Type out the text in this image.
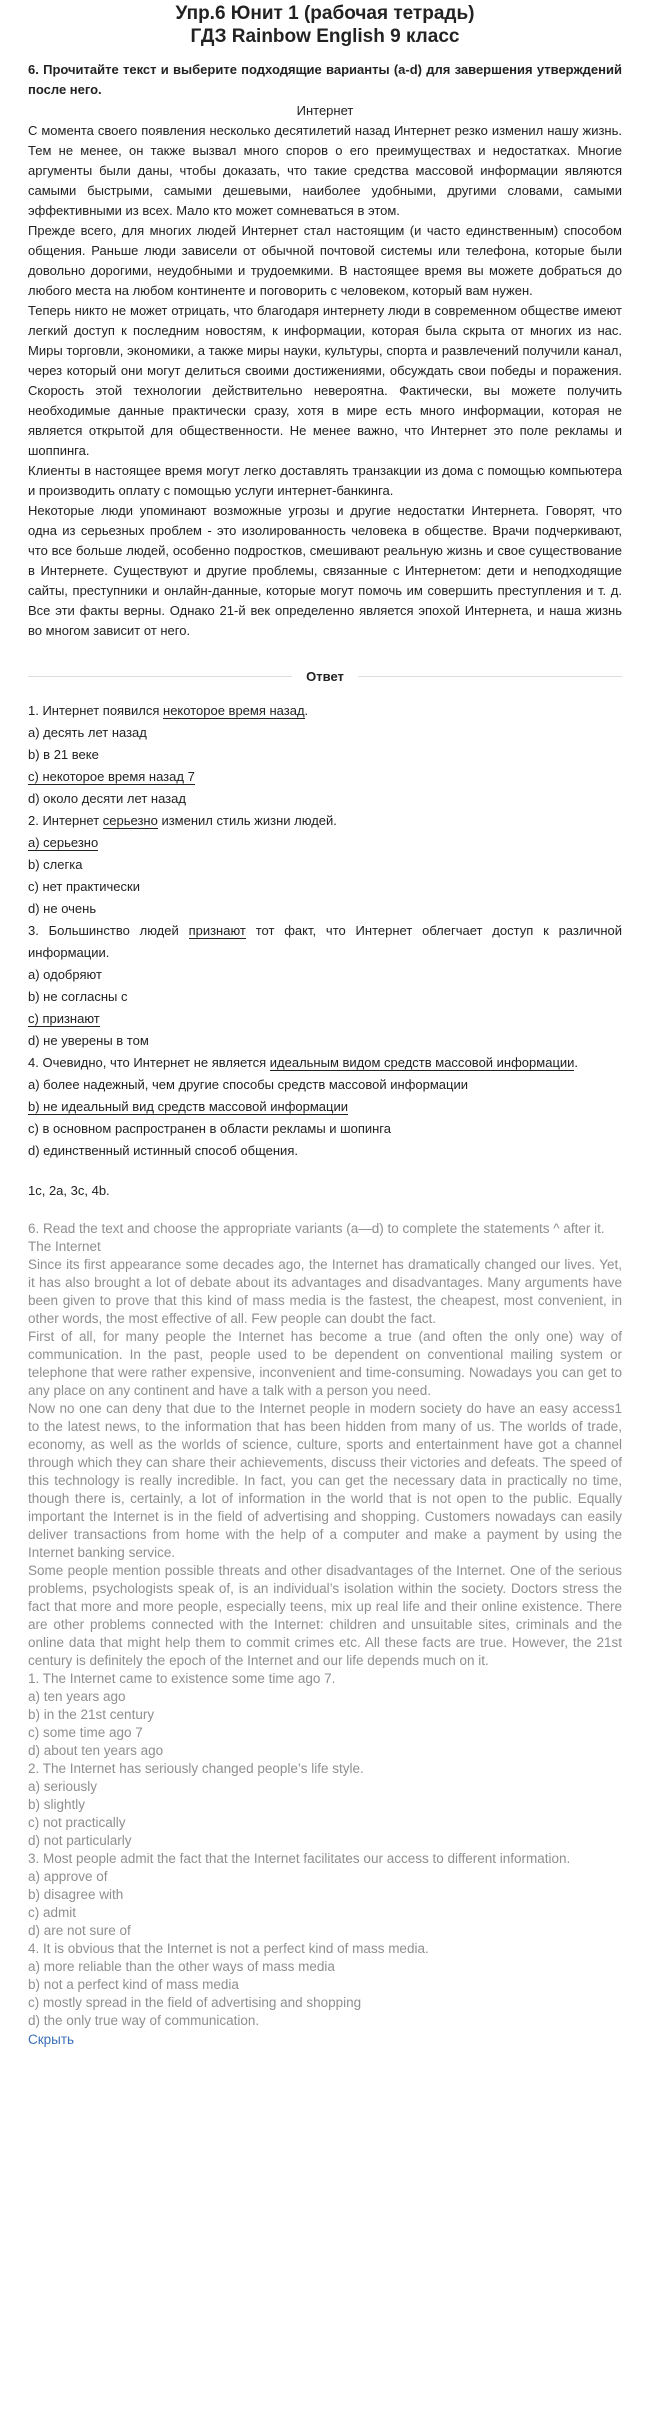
Упр.6 Юнит 1 (рабочая тетрадь)
ГДЗ Rainbow English 9 класс
6. Прочитайте текст и выберите подходящие варианты (a-d) для завершения утверждений после него.
Интернет

С момента своего появления несколько десятилетий назад Интернет резко изменил нашу жизнь. Тем не менее, он также вызвал много споров о его преимуществах и недостатках. Многие аргументы были даны, чтобы доказать, что такие средства массовой информации являются самыми быстрыми, самыми дешевыми, наиболее удобными, другими словами, самыми эффективными из всех. Мало кто может сомневаться в этом.

Прежде всего, для многих людей Интернет стал настоящим (и часто единственным) способом общения. Раньше люди зависели от обычной почтовой системы или телефона, которые были довольно дорогими, неудобными и трудоемкими. В настоящее время вы можете добраться до любого места на любом континенте и поговорить с человеком, который вам нужен.

Теперь никто не может отрицать, что благодаря интернету люди в современном обществе имеют легкий доступ к последним новостям, к информации, которая была скрыта от многих из нас. Миры торговли, экономики, а также миры науки, культуры, спорта и развлечений получили канал, через который они могут делиться своими достижениями, обсуждать свои победы и поражения. Скорость этой технологии действительно невероятна. Фактически, вы можете получить необходимые данные практически сразу, хотя в мире есть много информации, которая не является открытой для общественности. Не менее важно, что Интернет это поле рекламы и шоппинга.

Клиенты в настоящее время могут легко доставлять транзакции из дома с помощью компьютера и производить оплату с помощью услуги интернет-банкинга.

Некоторые люди упоминают возможные угрозы и другие недостатки Интернета. Говорят, что одна из серьезных проблем - это изолированность человека в обществе. Врачи подчеркивают, что все больше людей, особенно подростков, смешивают реальную жизнь и свое существование в Интернете. Существуют и другие проблемы, связанные с Интернетом: дети и неподходящие сайты, преступники и онлайн-данные, которые могут помочь им совершить преступления и т. д. Все эти факты верны. Однако 21-й век определенно является эпохой Интернета, и наша жизнь во многом зависит от него.

Ответ
1. Интернет появился некоторое время назад.
a) десять лет назад
b) в 21 веке
c) некоторое время назад 7
d) около десяти лет назад
2. Интернет серьезно изменил стиль жизни людей.
a) серьезно
b) слегка
c) нет практически
d) не очень
3. Большинство людей признают тот факт, что Интернет облегчает доступ к различной информации.
a) одобряют
b) не согласны с
c) признают
d) не уверены в том
4. Очевидно, что Интернет не является идеальным видом средств массовой информации.
a) более надежный, чем другие способы средств массовой информации
b) не идеальный вид средств массовой информации
c) в основном распространен в области рекламы и шопинга
d) единственный истинный способ общения.
1c, 2a, 3c, 4b.
6. Read the text and choose the appropriate variants (a—d) to complete the statements ^ after it.
The Internet
Since its first appearance some decades ago, the Internet has dramatically changed our lives. Yet, it has also brought a lot of debate about its advantages and disadvantages. Many arguments have been given to prove that this kind of mass media is the fastest, the cheapest, most convenient, in other words, the most effective of all. Few people can doubt the fact.
First of all, for many people the Internet has become a true (and often the only one) way of communication. In the past, people used to be dependent on conventional mailing system or telephone that were rather expensive, inconvenient and time-consuming. Nowadays you can get to any place on any continent and have a talk with a person you need.
Now no one can deny that due to the Internet people in modern society do have an easy access1 to the latest news, to the information that has been hidden from many of us. The worlds of trade, economy, as well as the worlds of science, culture, sports and entertainment have got a channel through which they can share their achievements, discuss their victories and defeats. The speed of this technology is really incredible. In fact, you can get the necessary data in practically no time, though there is, certainly, a lot of information in the world that is not open to the public. Equally important the Internet is in the field of advertising and shopping. Customers nowadays can easily deliver transactions from home with the help of a computer and make a payment by using the Internet banking service.
Some people mention possible threats and other disadvantages of the Internet. One of the serious problems, psychologists speak of, is an individual’s isolation within the society. Doctors stress the fact that more and more people, especially teens, mix up real life and their online existence. There are other problems connected with the Internet: children and unsuitable sites, criminals and the online data that might help them to commit crimes etc. All these facts are true. However, the 21st century is definitely the epoch of the Internet and our life depends much on it.
1. The Internet came to existence some time ago 7.
a) ten years ago
b) in the 21st century
c) some time ago 7
d) about ten years ago
2. The Internet has seriously changed people’s life style.
a) seriously
b) slightly
c) not practically
d) not particularly
3. Most people admit the fact that the Internet facilitates our access to different information.
a) approve of
b) disagree with
c) admit
d) are not sure of
4. It is obvious that the Internet is not a perfect kind of mass media.
a) more reliable than the other ways of mass media
b) not a perfect kind of mass media
c) mostly spread in the field of advertising and shopping
d) the only true way of communication.
Скрыть
